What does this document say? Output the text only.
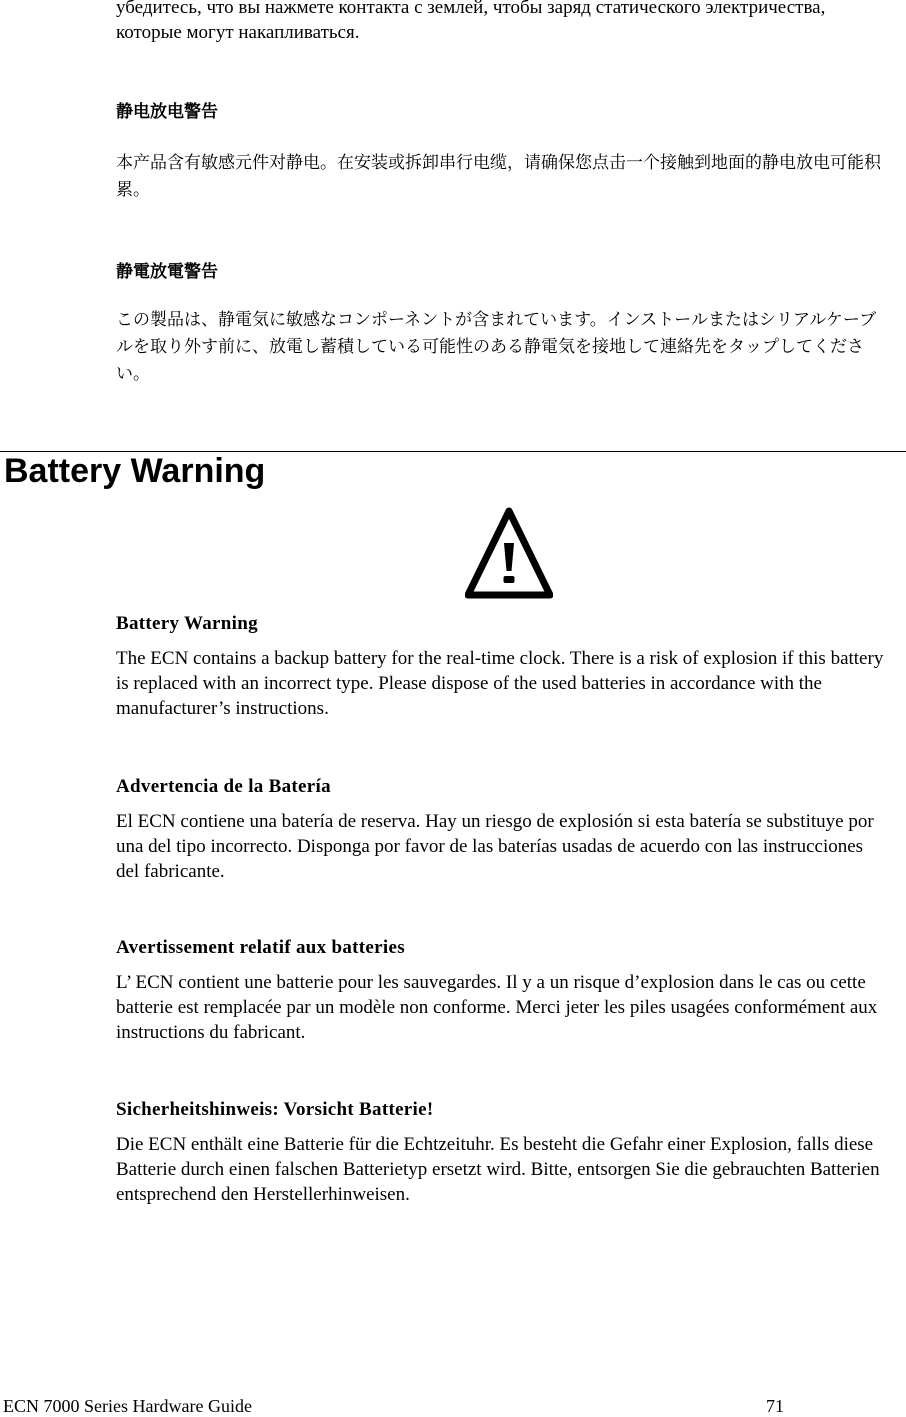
убедитесь, что вы нажмете контакта с землей, чтобы заряд статического электричества, которые могут накапливаться.

静电放电警告

本产品含有敏感元件对静电。在安装或拆卸串行电缆，请确保您点击一个接触到地面的静电放电可能积累。

静電放電警告

この製品は、静電気に敏感なコンポーネントが含まれています。インストールまたはシリアルケーブルを取り外す前に、放電し蓄積している可能性のある静電気を接地して連絡先をタップしてください。

Battery Warning

Battery Warning

The ECN contains a backup battery for the real-time clock. There is a risk of explosion if this battery is replaced with an incorrect type. Please dispose of the used batteries in accordance with the manufacturer’s instructions.

Advertencia de la Batería

El ECN contiene una batería de reserva. Hay un riesgo de explosión si esta batería se substituye por una del tipo incorrecto. Disponga por favor de las baterías usadas de acuerdo con las instrucciones del fabricante.

Avertissement relatif aux batteries

L’ ECN contient une batterie pour les sauvegardes. Il y a un risque d’explosion dans le cas ou cette batterie est remplacée par un modèle non conforme. Merci jeter les piles usagées conformément aux instructions du fabricant.

Sicherheitshinweis: Vorsicht Batterie!

Die ECN enthält eine Batterie für die Echtzeituhr. Es besteht die Gefahr einer Explosion, falls diese Batterie durch einen falschen Batterietyp ersetzt wird. Bitte, entsorgen Sie die gebrauchten Batterien entsprechend den Herstellerhinweisen.

ECN 7000 Series Hardware Guide	71
